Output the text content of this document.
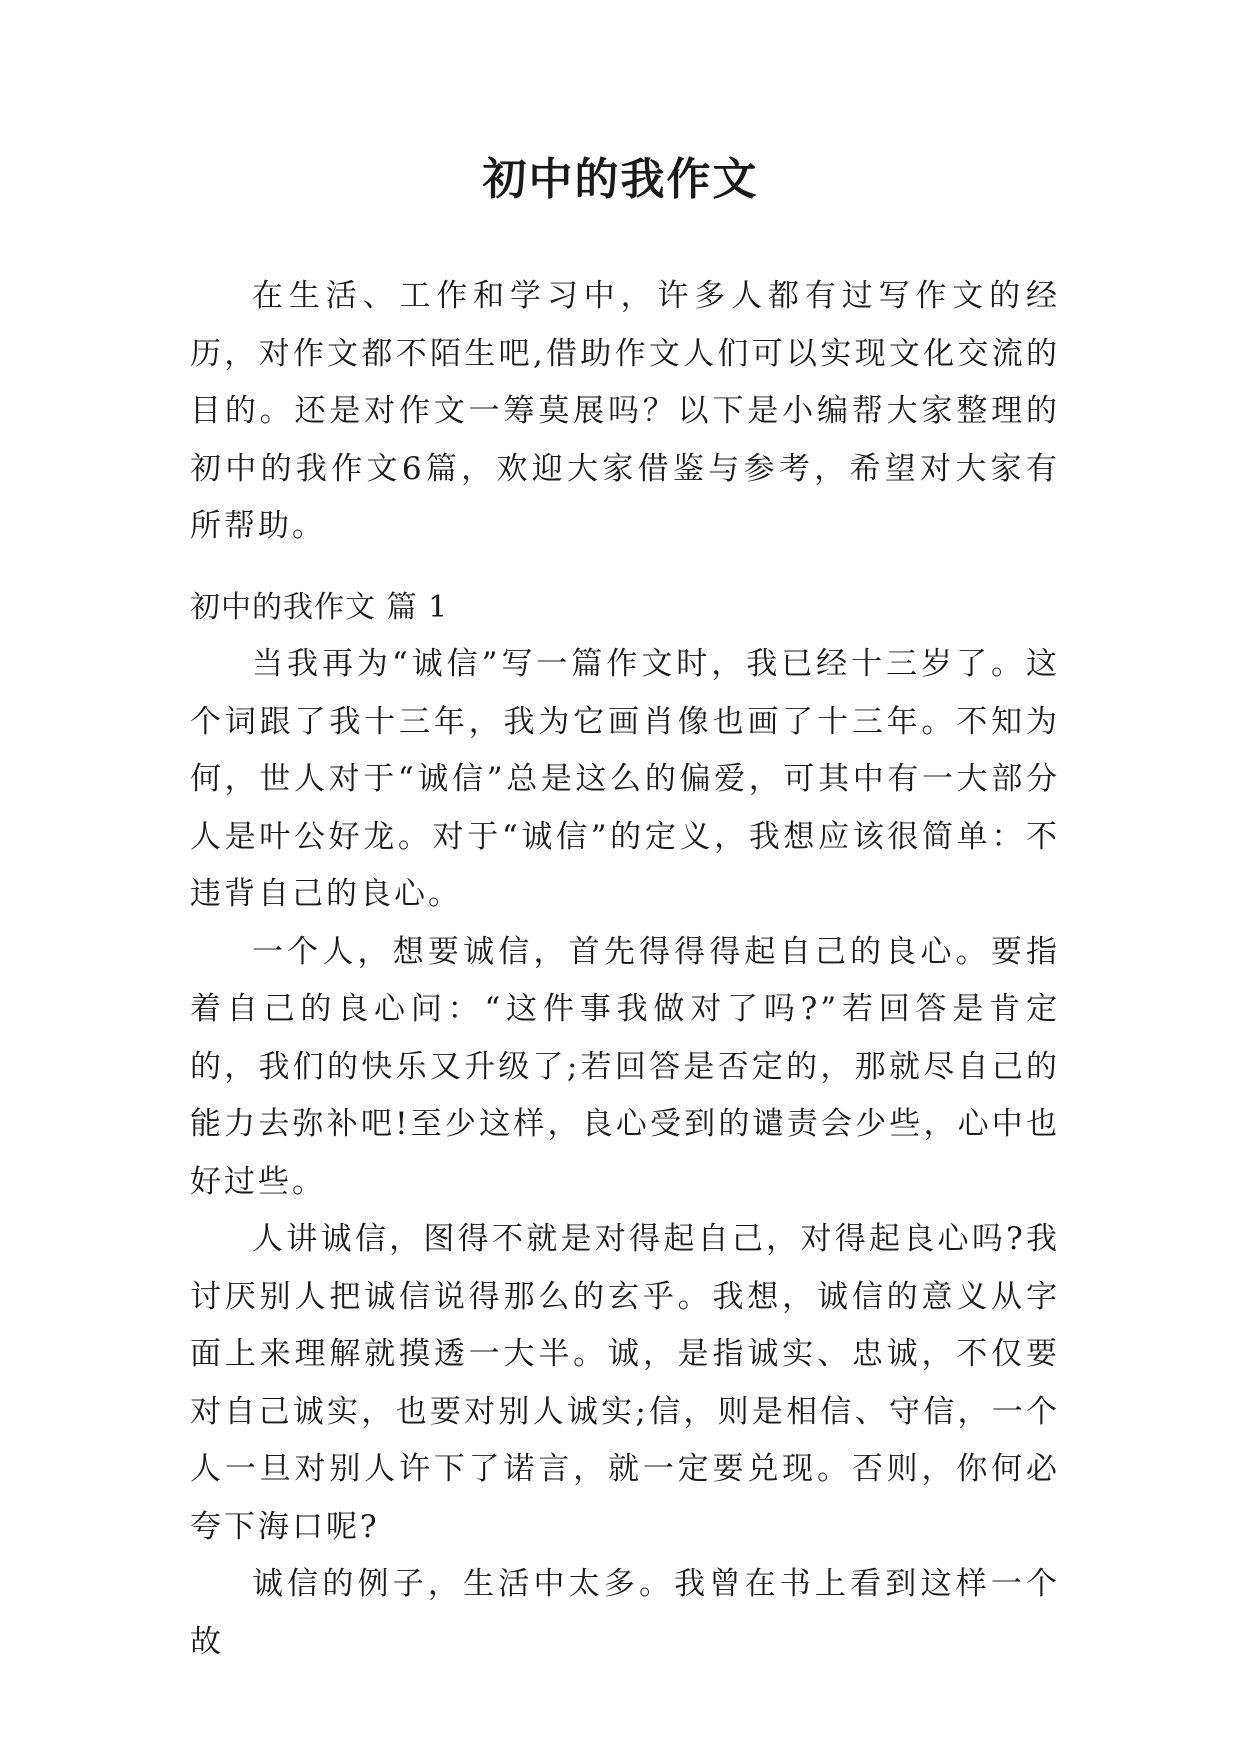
初中的我作文

在生活、工作和学习中，许多人都有过写作文的经历，对作文都不陌生吧,借助作文人们可以实现文化交流的目的。还是对作文一筹莫展吗？以下是小编帮大家整理的初中的我作文6篇，欢迎大家借鉴与参考，希望对大家有所帮助。

初中的我作文 篇 1

当我再为“诚信”写一篇作文时，我已经十三岁了。这个词跟了我十三年，我为它画肖像也画了十三年。不知为何，世人对于“诚信”总是这么的偏爱，可其中有一大部分人是叶公好龙。对于“诚信”的定义，我想应该很简单：不违背自己的良心。

一个人，想要诚信，首先得得得起自己的良心。要指着自己的良心问：“这件事我做对了吗?”若回答是肯定的，我们的快乐又升级了;若回答是否定的，那就尽自己的能力去弥补吧!至少这样，良心受到的谴责会少些，心中也好过些。

人讲诚信，图得不就是对得起自己，对得起良心吗?我讨厌别人把诚信说得那么的玄乎。我想，诚信的意义从字面上来理解就摸透一大半。诚，是指诚实、忠诚，不仅要对自己诚实，也要对别人诚实;信，则是相信、守信，一个人一旦对别人许下了诺言，就一定要兑现。否则，你何必夸下海口呢?

诚信的例子，生活中太多。我曾在书上看到这样一个故
